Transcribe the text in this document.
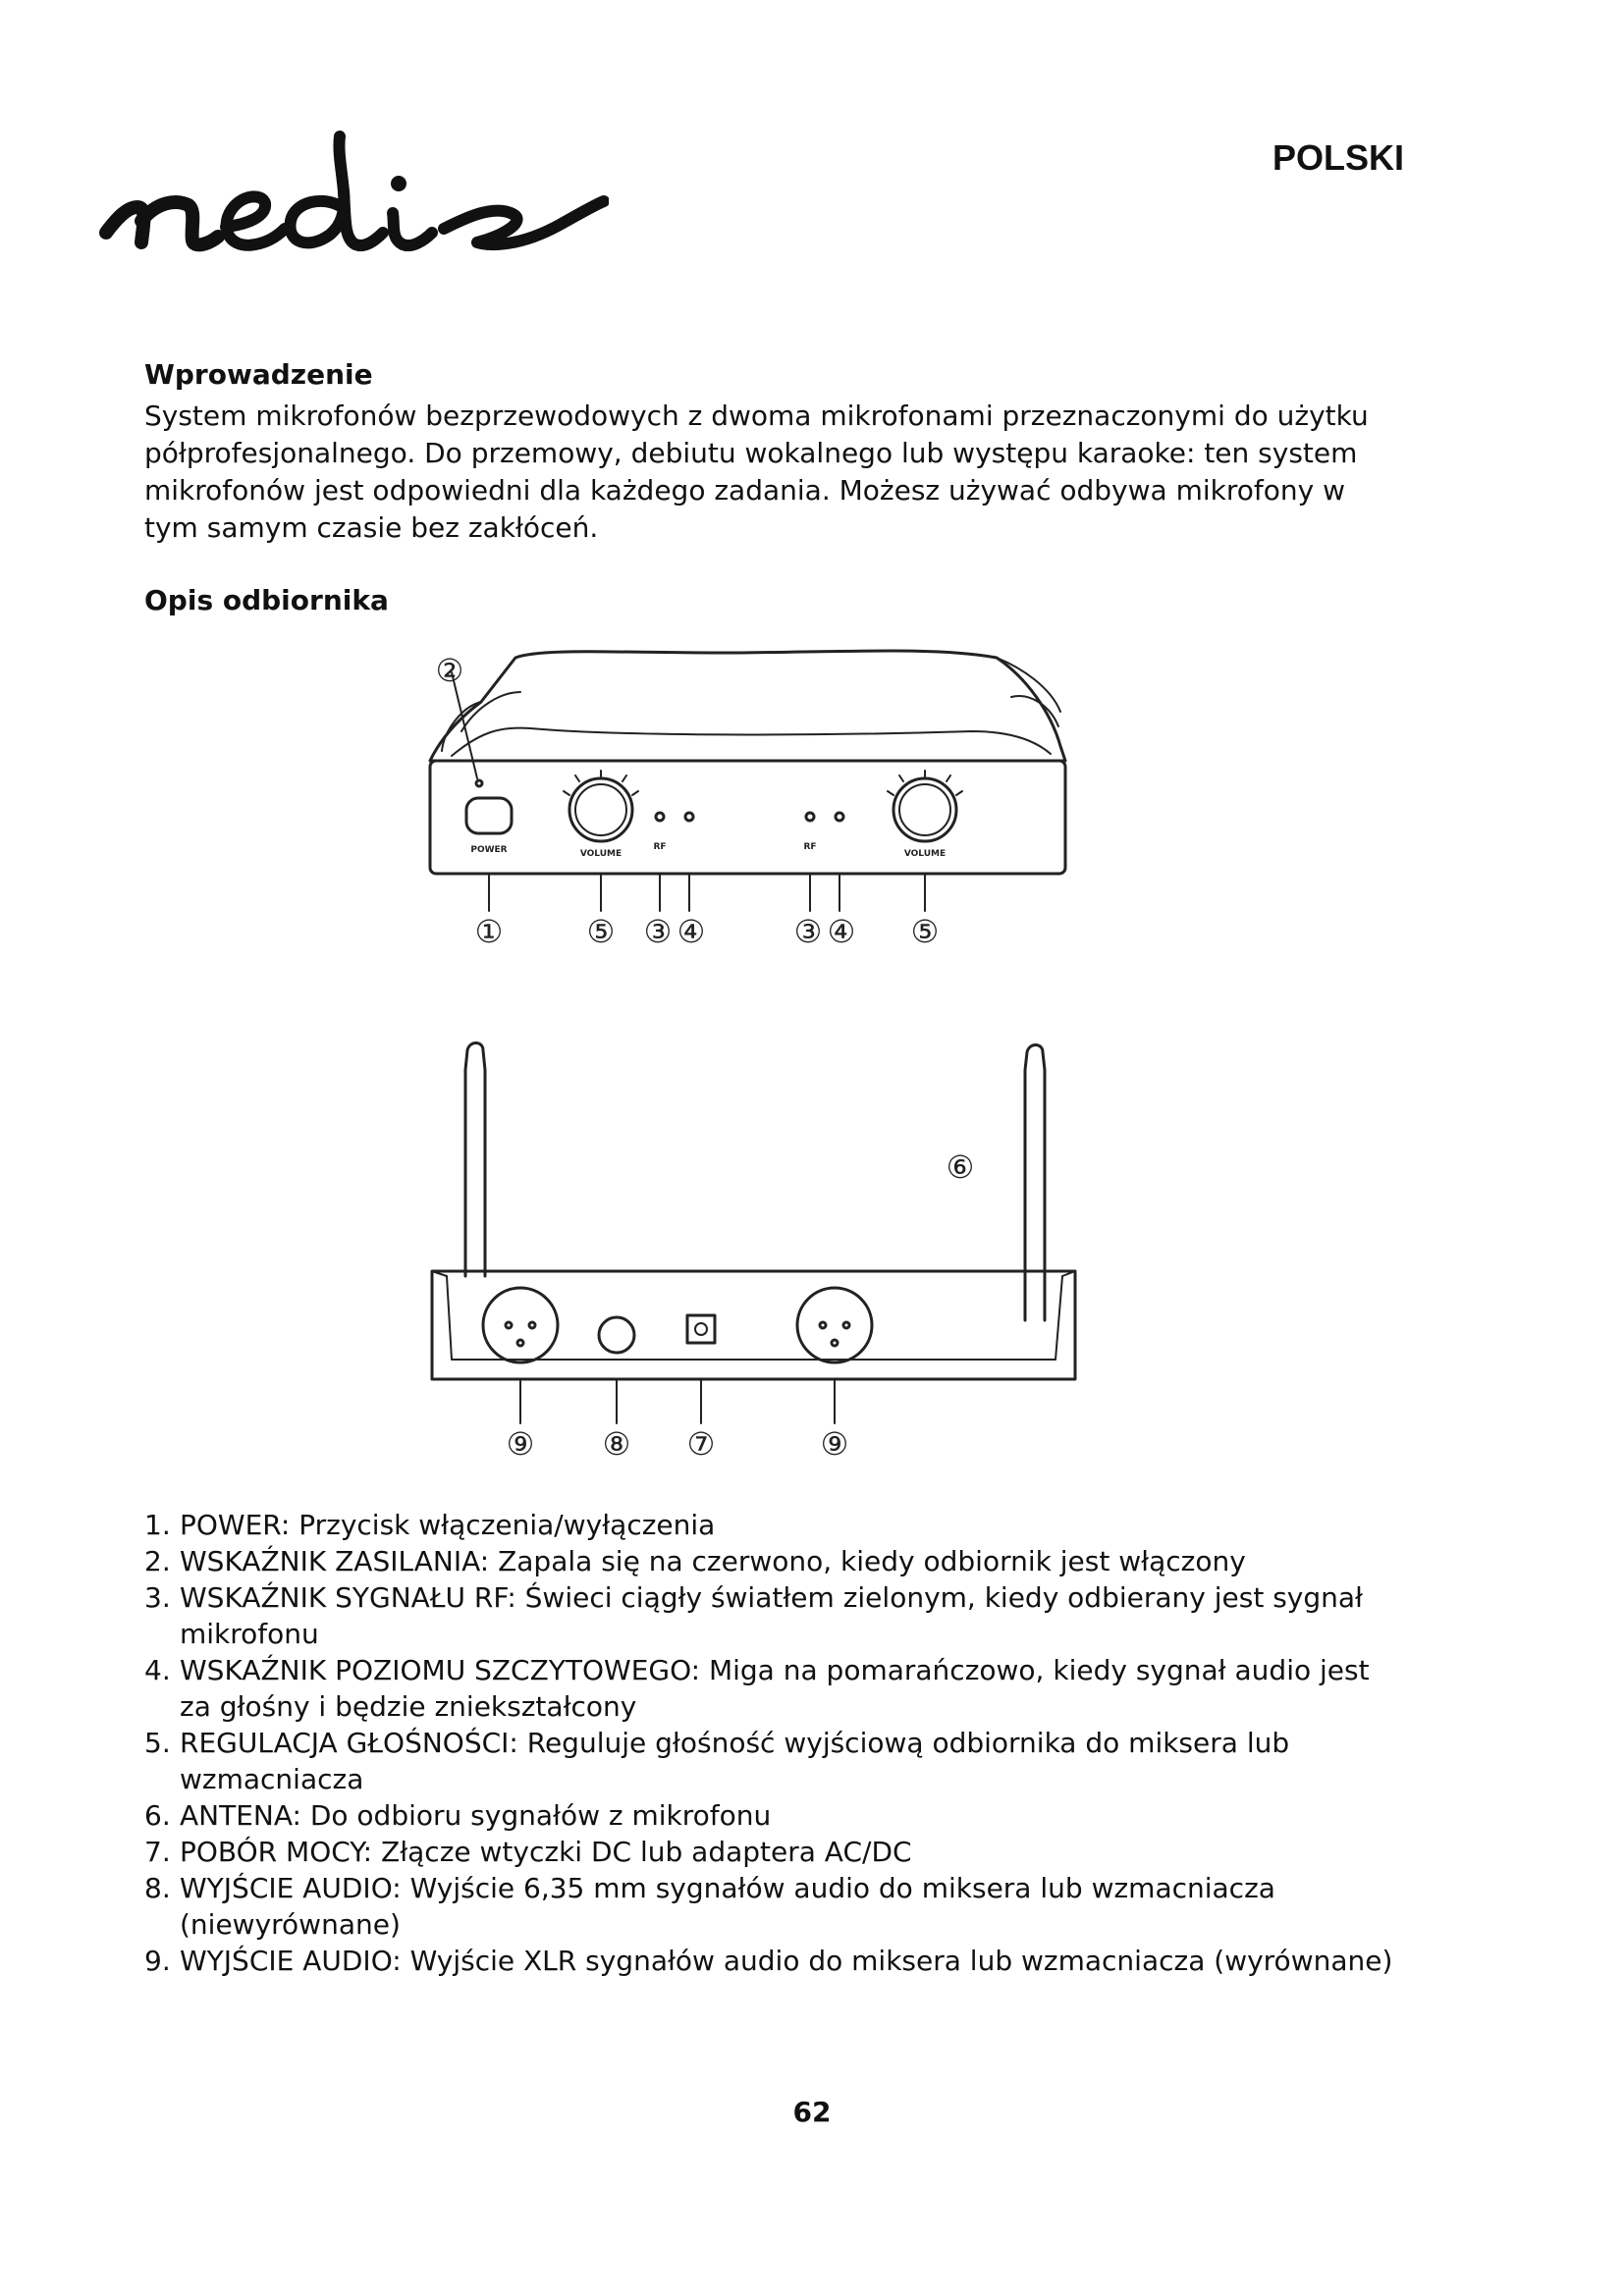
POLSKI
Wprowadzenie

System mikrofonów bezprzewodowych z dwoma mikrofonami przeznaczonymi do użytku półprofesjonalnego. Do przemowy, debiutu wokalnego lub występu karaoke: ten system mikrofonów jest odpowiedni dla każdego zadania. Możesz używać odbywa mikrofony w tym samym czasie bez zakłóceń.

Opis odbiornika
POWER	VOLUME
RF	RF
VOLUME
②
①	⑤ ③ ④	③ ④ ⑤
⑥
⑨ ⑧ ⑦	⑨
1. POWER: Przycisk włączenia/wyłączenia
2. WSKAŹNIK ZASILANIA: Zapala się na czerwono, kiedy odbiornik jest włączony
3. WSKAŹNIK SYGNAŁU RF: Świeci ciągły światłem zielonym, kiedy odbierany jest sygnał mikrofonu
4. WSKAŹNIK POZIOMU SZCZYTOWEGO: Miga na pomarańczowo, kiedy sygnał audio jest za głośny i będzie zniekształcony
5. REGULACJA GŁOŚNOŚCI: Reguluje głośność wyjściową odbiornika do miksera lub wzmacniacza
6. ANTENA: Do odbioru sygnałów z mikrofonu
7. POBÓR MOCY: Złącze wtyczki DC lub adaptera AC/DC
8. WYJŚCIE AUDIO: Wyjście 6,35 mm sygnałów audio do miksera lub wzmacniacza (niewyrównane)
9. WYJŚCIE AUDIO: Wyjście XLR sygnałów audio do miksera lub wzmacniacza (wyrównane)
62
